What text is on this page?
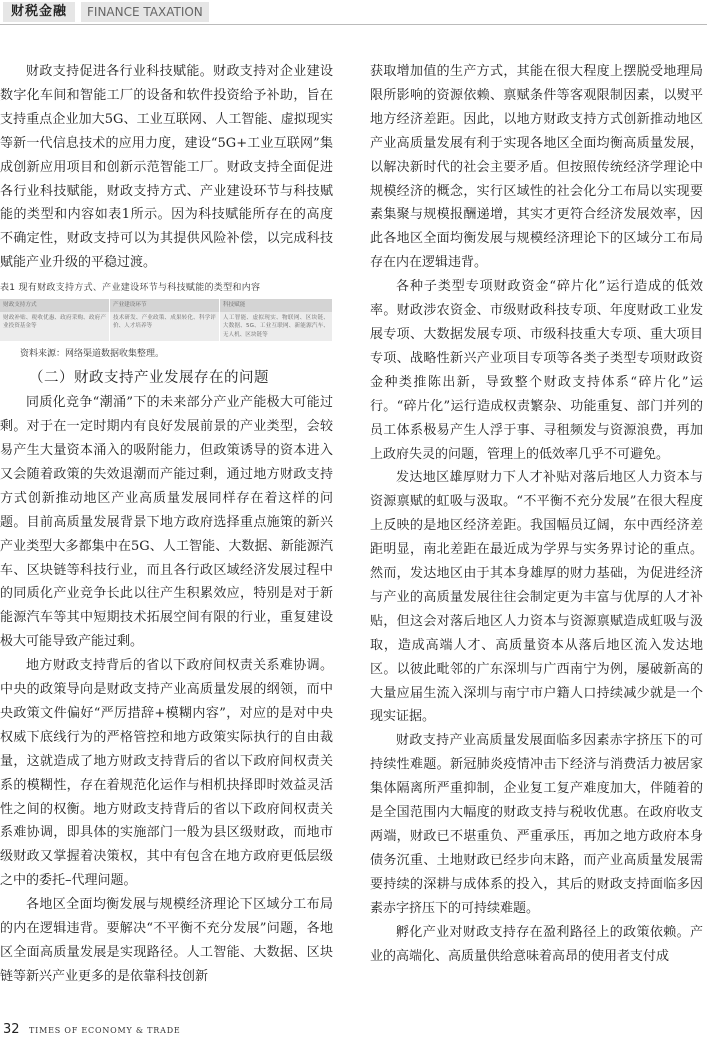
财税金融	FINANCE TAXATION

财政支持促进各行业科技赋能。财政支持对企业建设数字化车间和智能工厂的设备和软件投资给予补助，旨在支持重点企业加大5G、工业互联网、人工智能、虚拟现实等新一代信息技术的应用力度，建设“5G+工业互联网”集成创新应用项目和创新示范智能工厂。财政支持全面促进各行业科技赋能，财政支持方式、产业建设环节与科技赋能的类型和内容如表1所示。因为科技赋能所存在的高度不确定性，财政支持可以为其提供风险补偿，以完成科技赋能产业升级的平稳过渡。

表1 现有财政支持方式、产业建设环节与科技赋能的类型和内容
财政支持方式	产业建设环节	科技赋能
财政补贴、税收优惠、政府采购、政府产业投资基金等	技术研发、产业政策、成果转化、科学评价、人才培养等	人工智能、虚拟现实、物联网、区块链、大数据、5G、工业互联网、新能源汽车、无人机、区块链等
资料来源：网络渠道数据收集整理。
（二）财政支持产业发展存在的问题

同质化竞争“潮涌”下的未来部分产业产能极大可能过剩。对于在一定时期内有良好发展前景的产业类型，会较易产生大量资本涌入的吸附能力，但政策诱导的资本进入又会随着政策的失效退潮而产能过剩，通过地方财政支持方式创新推动地区产业高质量发展同样存在着这样的问题。目前高质量发展背景下地方政府选择重点施策的新兴产业类型大多都集中在5G、人工智能、大数据、新能源汽车、区块链等科技行业，而且各行政区域经济发展过程中的同质化产业竞争长此以往产生积累效应，特别是对于新能源汽车等其中短期技术拓展空间有限的行业，重复建设极大可能导致产能过剩。

地方财政支持背后的省以下政府间权责关系难协调。中央的政策导向是财政支持产业高质量发展的纲领，而中央政策文件偏好“严厉措辞+模糊内容”，对应的是对中央权威下底线行为的严格管控和地方政策实际执行的自由裁量，这就造成了地方财政支持背后的省以下政府间权责关系的模糊性，存在着规范化运作与相机抉择即时效益灵活性之间的权衡。地方财政支持背后的省以下政府间权责关系难协调，即具体的实施部门一般为县区级财政，而地市级财政又掌握着决策权，其中有包含在地方政府更低层级之中的委托–代理问题。

各地区全面均衡发展与规模经济理论下区域分工布局的内在逻辑违背。要解决“不平衡不充分发展”问题，各地区全面高质量发展是实现路径。人工智能、大数据、区块链等新兴产业更多的是依靠科技创新

获取增加值的生产方式，其能在很大程度上摆脱受地理局限所影响的资源依赖、禀赋条件等客观限制因素，以熨平地方经济差距。因此，以地方财政支持方式创新推动地区产业高质量发展有利于实现各地区全面均衡高质量发展，以解决新时代的社会主要矛盾。但按照传统经济学理论中规模经济的概念，实行区域性的社会化分工布局以实现要素集聚与规模报酬递增，其实才更符合经济发展效率，因此各地区全面均衡发展与规模经济理论下的区域分工布局存在内在逻辑违背。

各种子类型专项财政资金“碎片化”运行造成的低效率。财政涉农资金、市级财政科技专项、年度财政工业发展专项、大数据发展专项、市级科技重大专项、重大项目专项、战略性新兴产业项目专项等各类子类型专项财政资金种类推陈出新，导致整个财政支持体系“碎片化”运行。“碎片化”运行造成权责繁杂、功能重复、部门并列的员工体系极易产生人浮于事、寻租频发与资源浪费，再加上政府失灵的问题，管理上的低效率几乎不可避免。

发达地区雄厚财力下人才补贴对落后地区人力资本与资源禀赋的虹吸与汲取。“不平衡不充分发展”在很大程度上反映的是地区经济差距。我国幅员辽阔，东中西经济差距明显，南北差距在最近成为学界与实务界讨论的重点。然而，发达地区由于其本身雄厚的财力基础，为促进经济与产业的高质量发展往往会制定更为丰富与优厚的人才补贴，但这会对落后地区人力资本与资源禀赋造成虹吸与汲取，造成高端人才、高质量资本从落后地区流入发达地区。以彼此毗邻的广东深圳与广西南宁为例，屡破新高的大量应届生流入深圳与南宁市户籍人口持续减少就是一个现实证据。

财政支持产业高质量发展面临多因素赤字挤压下的可持续性难题。新冠肺炎疫情冲击下经济与消费活力被居家集体隔离所严重抑制，企业复工复产难度加大，伴随着的是全国范围内大幅度的财政支持与税收优惠。在政府收支两端，财政已不堪重负、严重承压，再加之地方政府本身债务沉重、土地财政已经步向末路，而产业高质量发展需要持续的深耕与成体系的投入，其后的财政支持面临多因素赤字挤压下的可持续难题。

孵化产业对财政支持存在盈利路径上的政策依赖。产业的高端化、高质量供给意味着高昂的使用者支付成

32 TIMES OF ECONOMY & TRADE
